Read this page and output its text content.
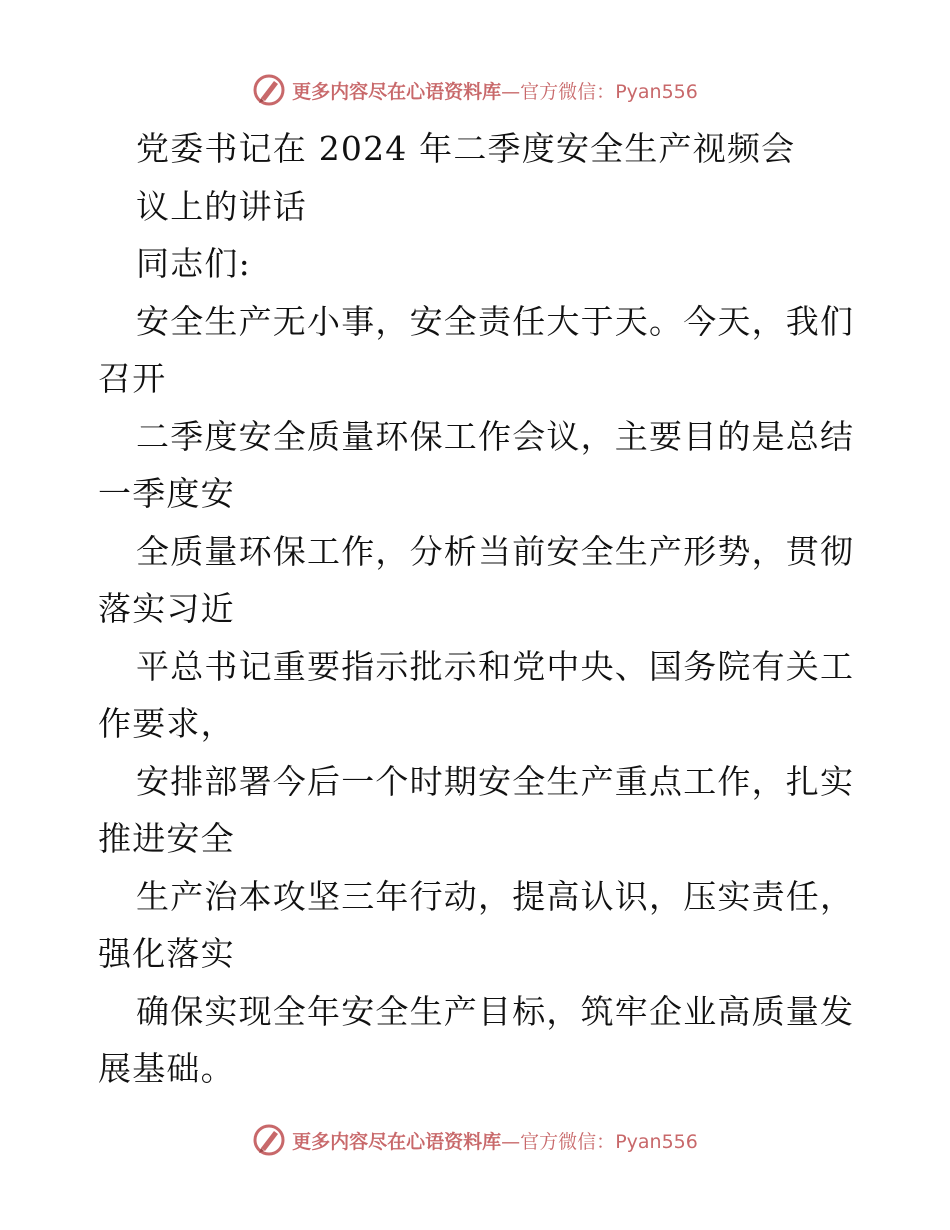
更多内容尽在心语资料库—官方微信：Pyan556
党委书记在 2024 年二季度安全生产视频会
议上的讲话
同志们:
安全生产无小事，安全责任大于天。今天，我们
召开
二季度安全质量环保工作会议，主要目的是总结
一季度安
全质量环保工作，分析当前安全生产形势，贯彻
落实习近
平总书记重要指示批示和党中央、国务院有关工
作要求，
安排部署今后一个时期安全生产重点工作，扎实
推进安全
生产治本攻坚三年行动，提高认识，压实责任，
强化落实
确保实现全年安全生产目标，筑牢企业高质量发
展基础。
更多内容尽在心语资料库—官方微信：Pyan556
